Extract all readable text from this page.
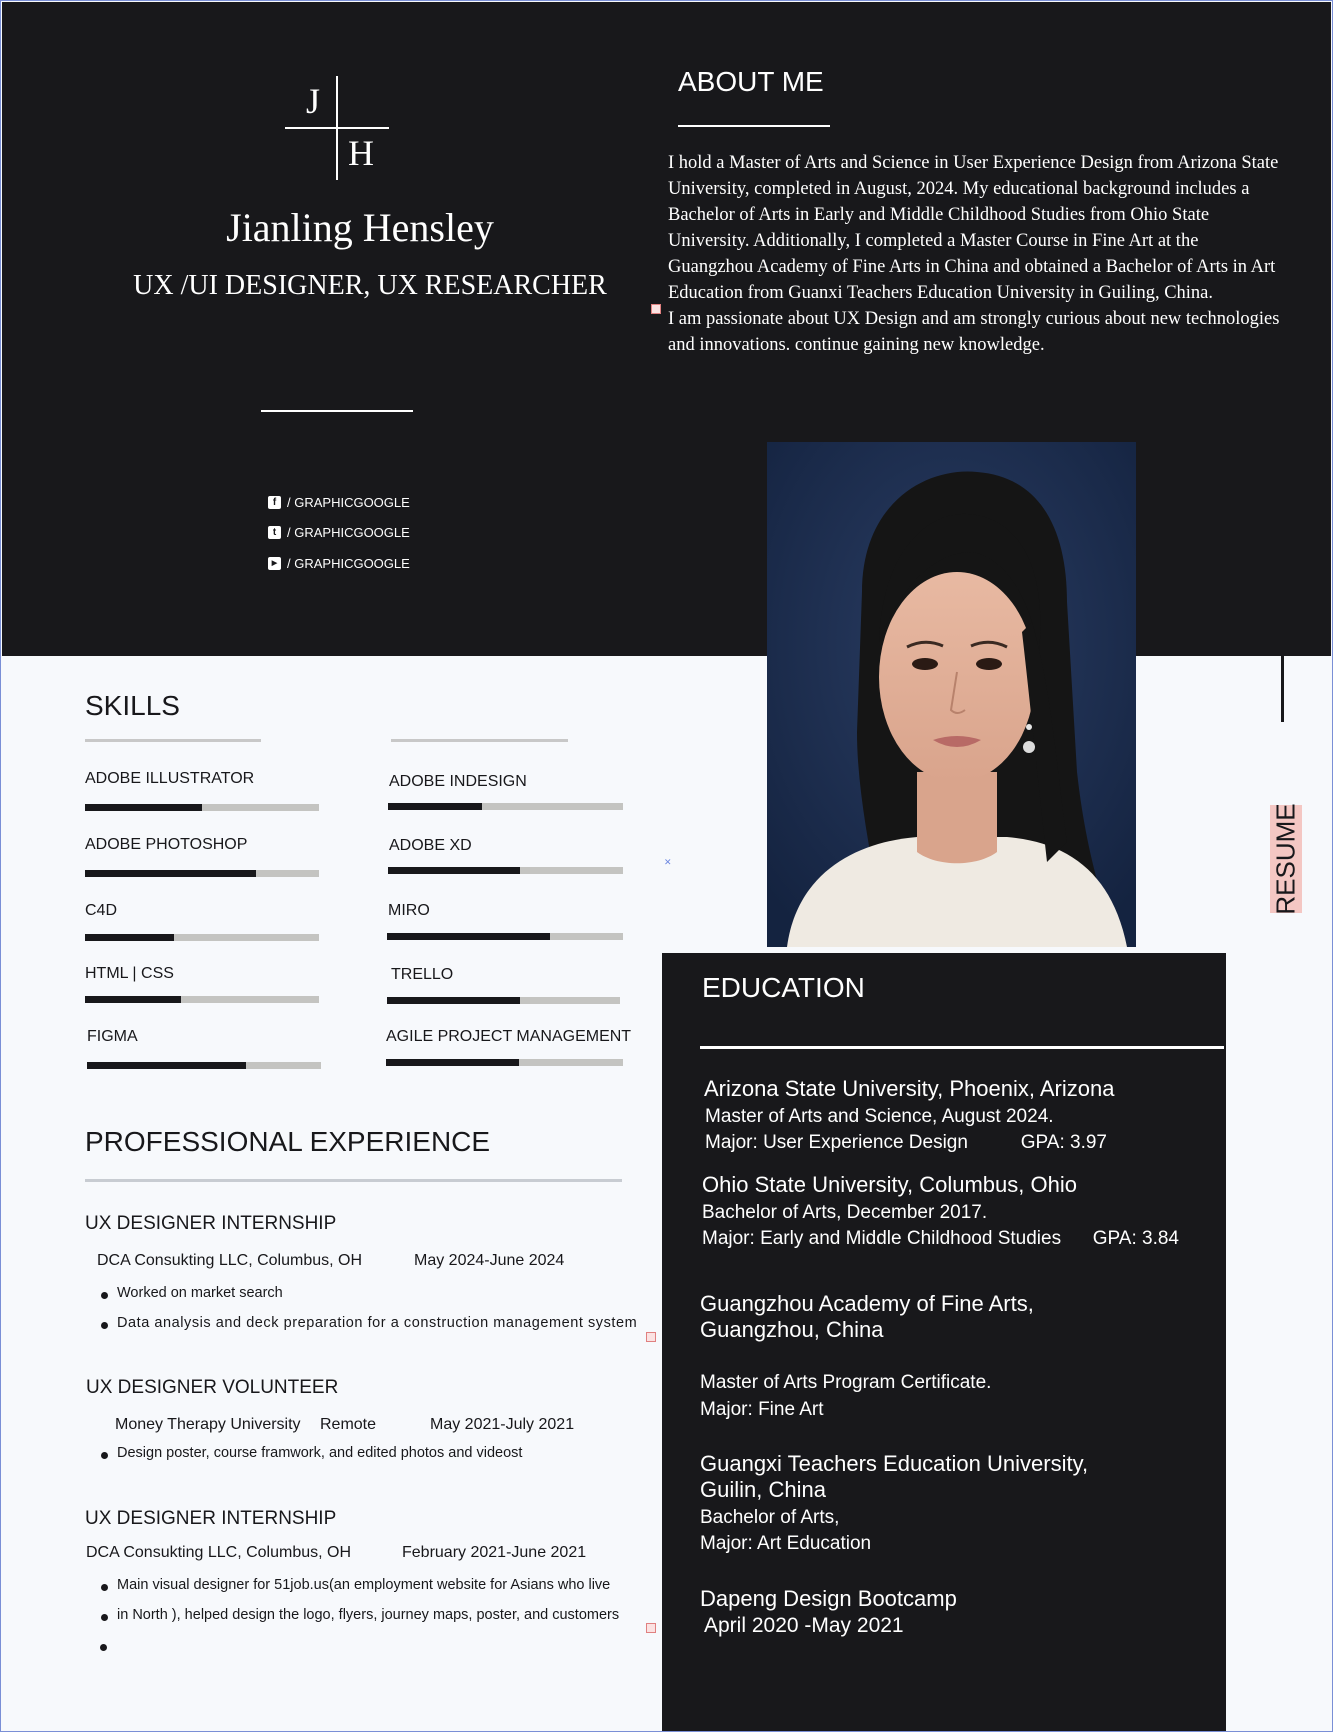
J
H
Jianling Hensley
UX /UI DESIGNER, UX RESEARCHER
f / GRAPHICGOOGLE
t / GRAPHICGOOGLE
▶ / GRAPHICGOOGLE
ABOUT ME

I hold a Master of Arts and Science in User Experience Design from Arizona State University, completed in August, 2024. My educational background includes a Bachelor of Arts in Early and Middle Childhood Studies from Ohio State University. Additionally, I completed a Master Course in Fine Art at the Guangzhou Academy of Fine Arts in China and obtained a Bachelor of Arts in Art Education from Guanxi Teachers Education University in Guiling, China.

I am passionate about UX Design and am strongly curious about new technologies and innovations. continue gaining new knowledge.

RESUME
SKILLS
ADOBE ILLUSTRATOR
ADOBE PHOTOSHOP
C4D
HTML | CSS
FIGMA
ADOBE INDESIGN
ADOBE XD
MIRO
TRELLO
AGILE PROJECT MANAGEMENT
✕
PROFESSIONAL EXPERIENCE
UX DESIGNER INTERNSHIP
DCA Consukting LLC, Columbus, OH	May 2024-June 2024
Worked on market search
Data analysis and deck preparation for a construction management system
UX DESIGNER VOLUNTEER
Money Therapy University Remote	May 2021-July 2021
Design poster, course framwork, and edited photos and videost
UX DESIGNER INTERNSHIP
DCA Consukting LLC, Columbus, OH	February 2021-June 2021
Main visual designer for 51job.us(an employment website for Asians who live
in North ), helped design the logo, flyers, journey maps, poster, and customers
EDUCATION
Arizona State University, Phoenix, Arizona
Master of Arts and Science, August 2024.
Major: User Experience Design          GPA: 3.97
Ohio State University, Columbus, Ohio
Bachelor of Arts, December 2017.
Major: Early and Middle Childhood Studies      GPA: 3.84
Guangzhou Academy of Fine Arts,
Guangzhou, China
Master of Arts Program Certificate.
Major: Fine Art
Guangxi Teachers Education University,
Guilin, China
Bachelor of Arts,
Major: Art Education
Dapeng Design Bootcamp
April 2020 -May 2021
